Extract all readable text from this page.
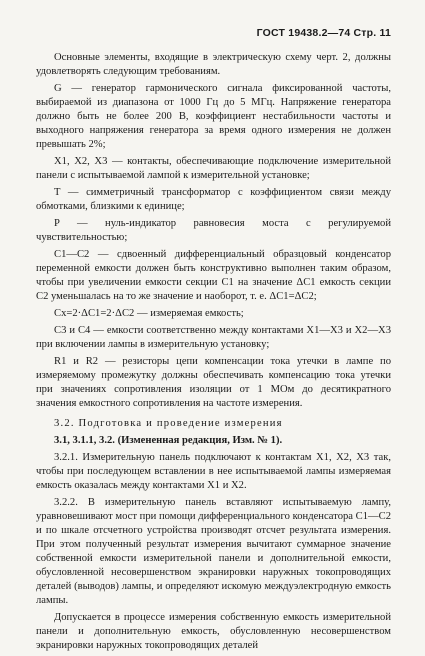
ГОСТ 19438.2—74 Стр. 11

Основные элементы, входящие в электрическую схему черт. 2, должны удовлетворять следующим требованиям.

G — генератор гармонического сигнала фиксированной частоты, выбираемой из диапазона от 1000 Гц до 5 МГц. Напряжение генератора должно быть не более 200 В, коэффициент нестабильности частоты и выходного напряжения генератора за время одного измерения не должен превышать 2%;

X1, X2, X3 — контакты, обеспечивающие подключение измерительной панели с испытываемой лампой к измерительной установке;

T — симметричный трансформатор с коэффициентом связи между обмотками, близкими к единице;

P — нуль-индикатор равновесия моста с регулируемой чувствительностью;

C1—C2 — сдвоенный дифференциальный образцовый конденсатор переменной емкости должен быть конструктивно выполнен таким образом, чтобы при увеличении емкости секции C1 на значение ΔC1 емкость секции C2 уменьшалась на то же значение и наоборот, т. е. ΔC1=ΔC2;

Cx=2·ΔC1=2·ΔC2 — измеряемая емкость;

C3 и C4 — емкости соответственно между контактами X1—X3 и X2—X3 при включении лампы в измерительную установку;

R1 и R2 — резисторы цепи компенсации тока утечки в лампе по измеряемому промежутку должны обеспечивать компенсацию тока утечки при значениях сопротивления изоляции от 1 МОм до десятикратного значения емкостного сопротивления на частоте измерения.

3.2. Подготовка и проведение измерения

3.1, 3.1.1, 3.2. (Измененная редакция, Изм. № 1).

3.2.1. Измерительную панель подключают к контактам X1, X2, X3 так, чтобы при последующем вставлении в нее испытываемой лампы измеряемая емкость оказалась между контактами X1 и X2.

3.2.2. В измерительную панель вставляют испытываемую лампу, уравновешивают мост при помощи дифференциального конденсатора C1—C2 и по шкале отсчетного устройства производят отсчет результата измерения. При этом полученный результат измерения вычитают суммарное значение собственной емкости измерительной панели и дополнительной емкости, обусловленной несовершенством экранировки наружных токопроводящих деталей (выводов) лампы, и определяют искомую междуэлектродную емкость лампы.

Допускается в процессе измерения собственную емкость измерительной панели и дополнительную емкость, обусловленную несовершенством экранировки наружных токопроводящих деталей
